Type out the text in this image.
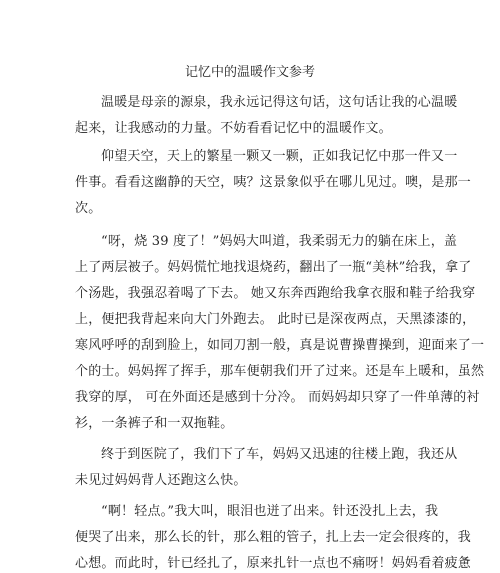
记忆中的温暖作文参考
温暖是母亲的源泉，我永远记得这句话，这句话让我的心温暖
起来，让我感动的力量。不妨看看记忆中的温暖作文。
仰望天空，天上的繁星一颗又一颗，正如我记忆中那一件又一
件事。看看这幽静的天空，咦？这景象似乎在哪儿见过。噢，是那一
次。
“呀，烧 39 度了！”妈妈大叫道，我柔弱无力的躺在床上，盖
上了两层被子。妈妈慌忙地找退烧药，翻出了一瓶“美林”给我，拿了
个汤匙，我强忍着喝了下去。 她又东奔西跑给我拿衣服和鞋子给我穿
上，便把我背起来向大门外跑去。 此时已是深夜两点，天黑漆漆的，
寒风呼呼的刮到脸上，如同刀割一般，真是说曹操曹操到，迎面来了一
个的士。妈妈挥了挥手，那车便朝我们开了过来。还是车上暖和，虽然
我穿的厚， 可在外面还是感到十分冷。 而妈妈却只穿了一件单薄的衬
衫，一条裤子和一双拖鞋。
终于到医院了，我们下了车，妈妈又迅速的往楼上跑，我还从
未见过妈妈背人还跑这么快。
“啊！轻点。”我大叫，眼泪也迸了出来。针还没扎上去，我
便哭了出来，那么长的针，那么粗的管子，扎上去一定会很疼的，我
心想。而此时，针已经扎了，原来扎针一点也不痛呀！妈妈看着疲惫
